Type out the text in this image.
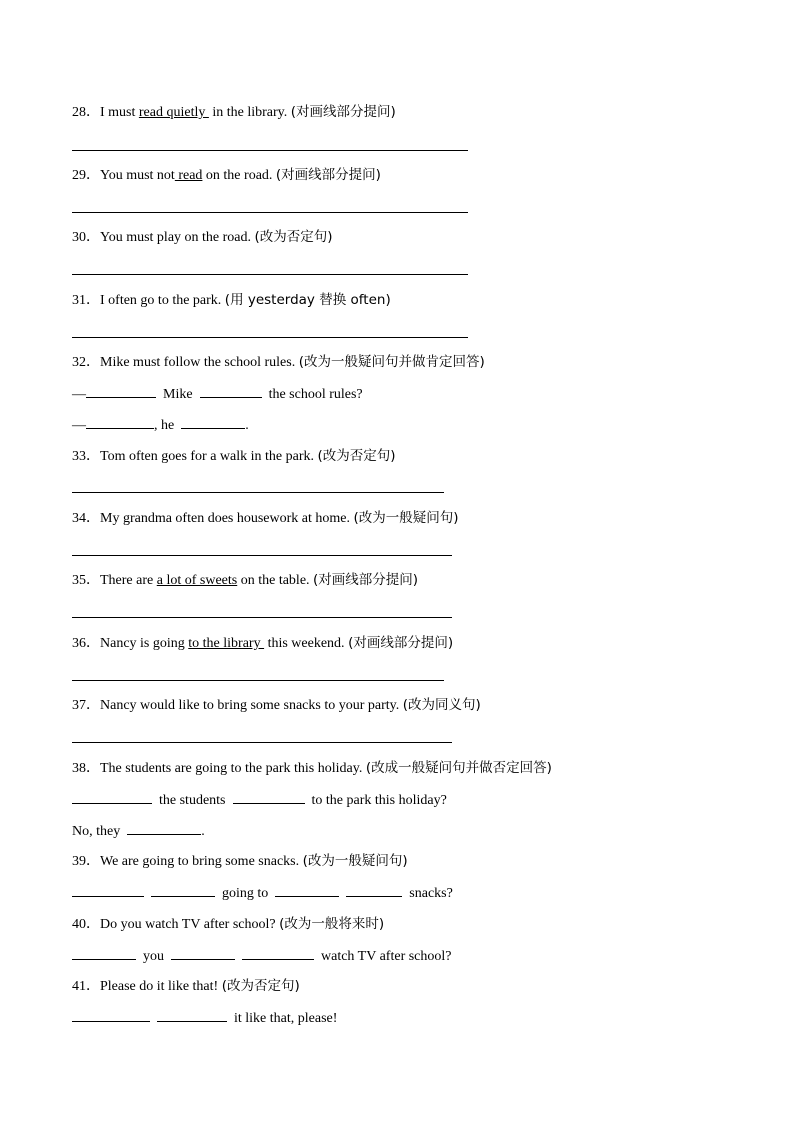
28．I must read quietly  in the library. (对画线部分提问)
29．You must not read on the road. (对画线部分提问)
30．You must play on the road. (改为否定句)
31．I often go to the park. (用 yesterday 替换 often)
32．Mike must follow the school rules. (改为一般疑问句并做肯定回答)
33．Tom often goes for a walk in the park. (改为否定句)
34．My grandma often does housework at home. (改为一般疑问句)
35．There are a lot of sweets on the table. (对画线部分提问)
36．Nancy is going to the library  this weekend. (对画线部分提问)
37．Nancy would like to bring some snacks to your party. (改为同义句)
38．The students are going to the park this holiday. (改成一般疑问句并做否定回答)
39．We are going to bring some snacks. (改为一般疑问句)
40．Do you watch TV after school? (改为一般将来时)
41．Please do it like that! (改为否定句)
—	Mike	the school rules?
—	, he	.
the students	to the park this holiday?
No, they	.
going to	snacks?
you	watch TV after school?
it like that, please!
